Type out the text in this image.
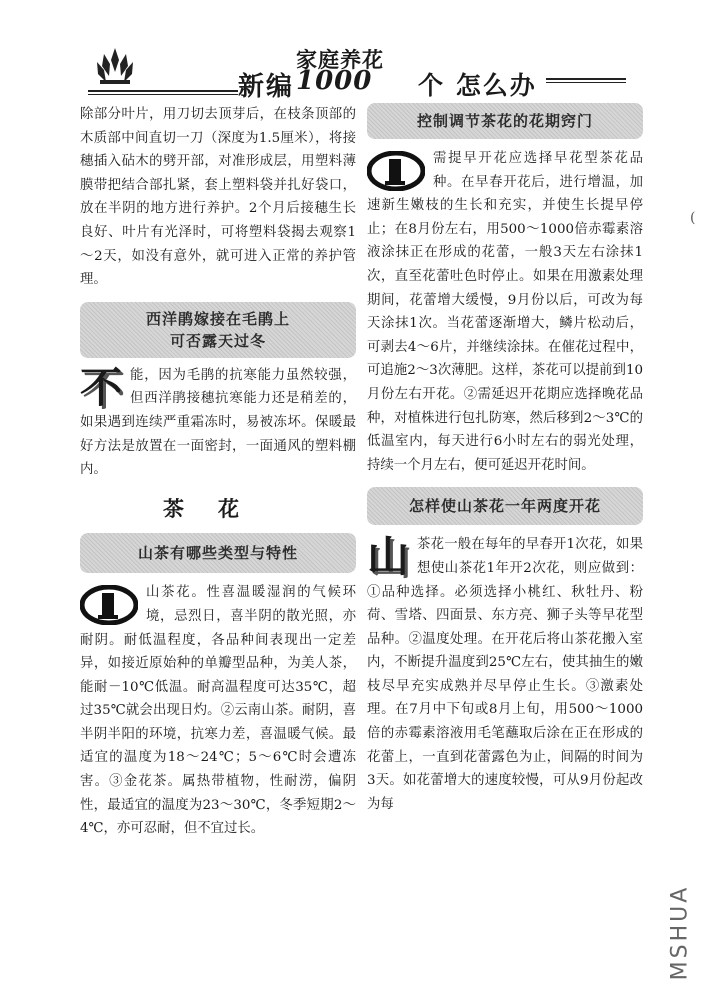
新编
家庭养花
1000 个 怎么办

除部分叶片，用刀切去顶芽后，在枝条顶部的木质部中间直切一刀（深度为1.5厘米），将接穗插入砧木的劈开部，对准形成层，用塑料薄膜带把结合部扎紧，套上塑料袋并扎好袋口，放在半阴的地方进行养护。2个月后接穗生长良好、叶片有光泽时，可将塑料袋揭去观察1～2天，如没有意外，就可进入正常的养护管理。

西洋鹃嫁接在毛鹃上
可否露天过冬

不 能，因为毛鹃的抗寒能力虽然较强，但西洋鹃接穗抗寒能力还是稍差的，如果遇到连续严重霜冻时，易被冻坏。保暖最好方法是放置在一面密封，一面通风的塑料棚内。

茶花
山茶有哪些类型与特性

山茶花。性喜温暖湿润的气候环境，忌烈日，喜半阴的散光照，亦耐阴。耐低温程度，各品种间表现出一定差异，如接近原始种的单瓣型品种，为美人茶，能耐－10℃低温。耐高温程度可达35℃，超过35℃就会出现日灼。②云南山茶。耐阴，喜半阴半阳的环境，抗寒力差，喜温暖气候。最适宜的温度为18～24℃；5～6℃时会遭冻害。③金花茶。属热带植物，性耐涝，偏阴性，最适宜的温度为23～30℃，冬季短期2～4℃，亦可忍耐，但不宜过长。

控制调节茶花的花期窍门

需提早开花应选择早花型茶花品种。在早春开花后，进行增温，加速新生嫩枝的生长和充实，并使生长提早停止；在8月份左右，用500～1000倍赤霉素溶液涂抹正在形成的花蕾，一般3天左右涂抹1次，直至花蕾吐色时停止。如果在用激素处理期间，花蕾增大缓慢，9月份以后，可改为每天涂抹1次。当花蕾逐渐增大，鳞片松动后，可剥去4～6片，并继续涂抹。在催花过程中，可追施2～3次薄肥。这样，茶花可以提前到10月份左右开花。②需延迟开花期应选择晚花品种，对植株进行包扎防寒，然后移到2～3℃的低温室内，每天进行6小时左右的弱光处理，持续一个月左右，便可延迟开花时间。

怎样使山茶花一年两度开花

山 茶花一般在每年的早春开1次花，如果想使山茶花1年开2次花，则应做到：①品种选择。必须选择小桃红、秋牡丹、粉荷、雪塔、四面景、东方亮、狮子头等早花型品种。②温度处理。在开花后将山茶花搬入室内，不断提升温度到25℃左右，使其抽生的嫩枝尽早充实成熟并尽早停止生长。③激素处理。在7月中下旬或8月上旬，用500～1000倍的赤霉素溶液用毛笔蘸取后涂在正在形成的花蕾上，一直到花蕾露色为止，间隔的时间为3天。如花蕾增大的速度较慢，可从9月份起改为每

(
MSHUA
